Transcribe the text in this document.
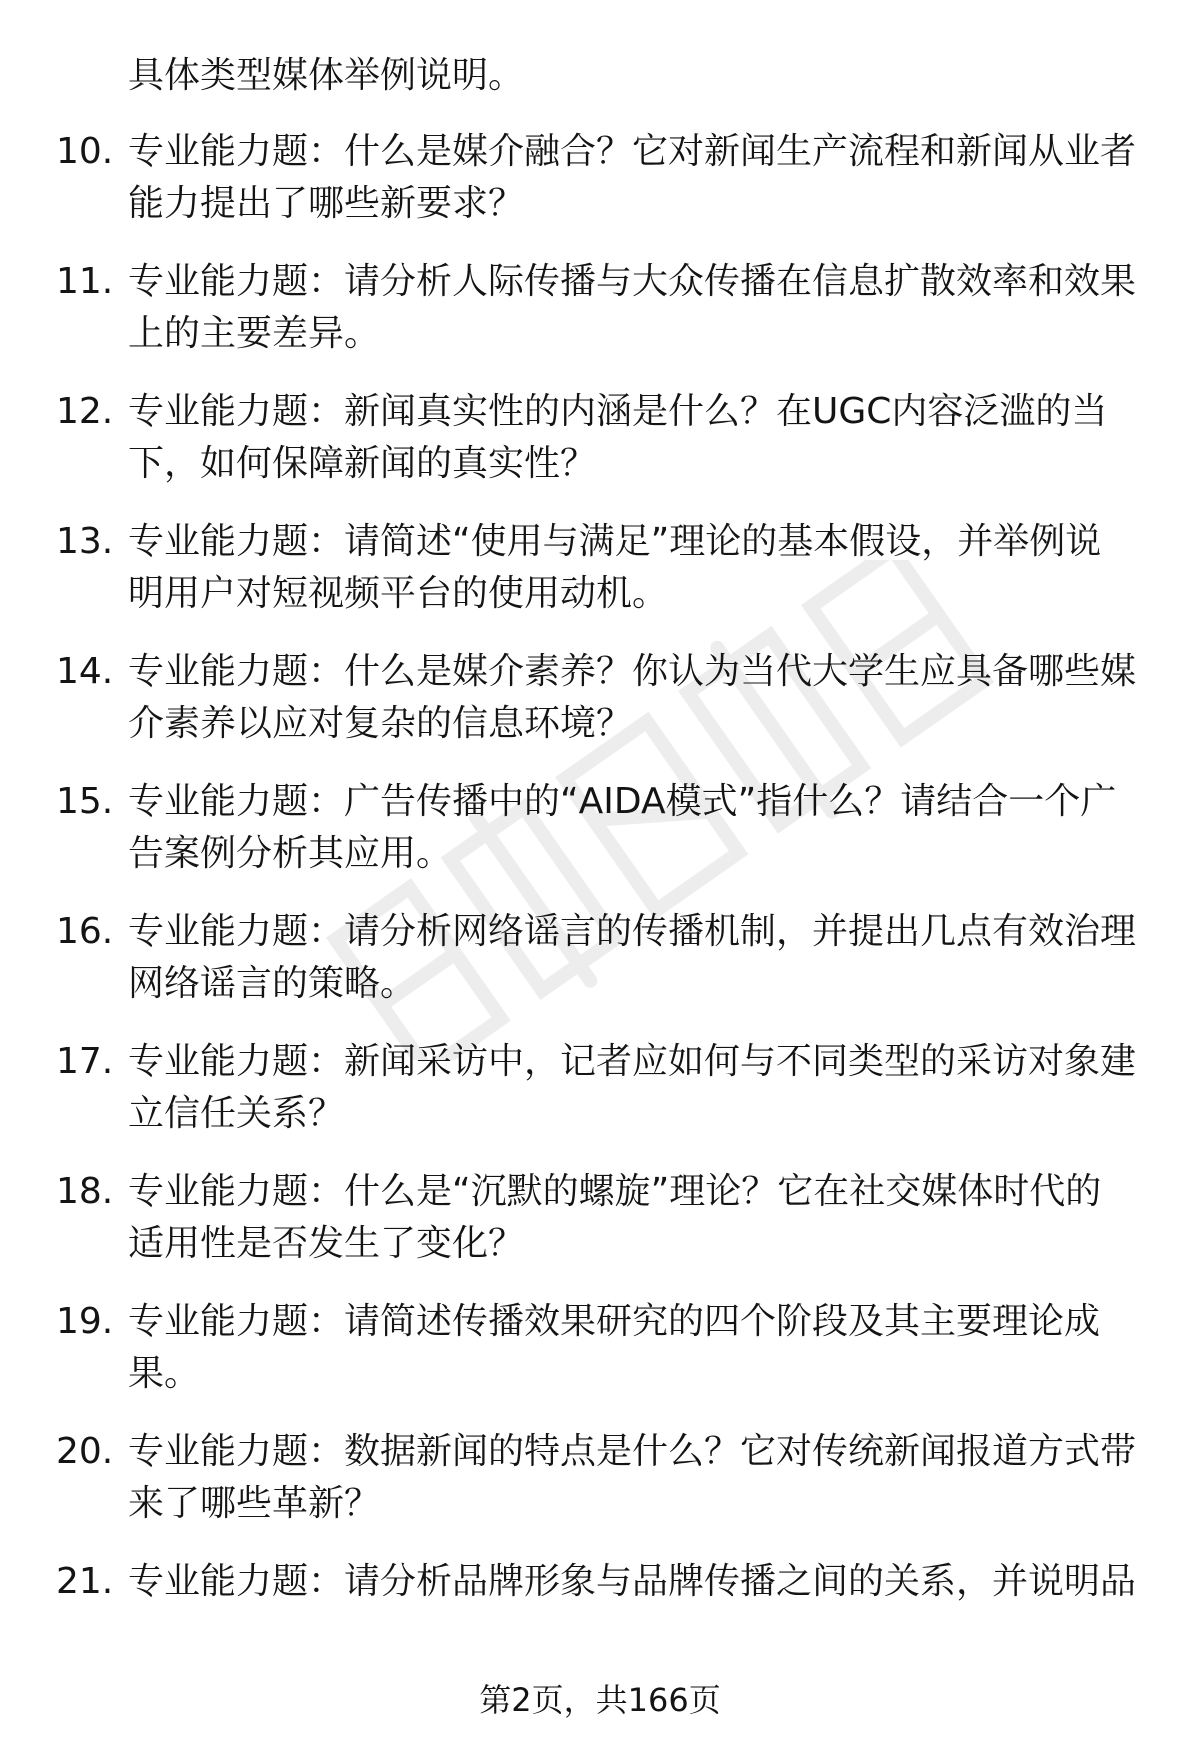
具体类型媒体举例说明。
10. 专业能力题：什么是媒介融合？它对新闻生产流程和新闻从业者
能力提出了哪些新要求？
11. 专业能力题：请分析人际传播与大众传播在信息扩散效率和效果
上的主要差异。
12. 专业能力题：新闻真实性的内涵是什么？在UGC内容泛滥的当
下，如何保障新闻的真实性？
13. 专业能力题：请简述“使用与满足”理论的基本假设，并举例说
明用户对短视频平台的使用动机。
14. 专业能力题：什么是媒介素养？你认为当代大学生应具备哪些媒
介素养以应对复杂的信息环境？
15. 专业能力题：广告传播中的“AIDA模式”指什么？请结合一个广
告案例分析其应用。
16. 专业能力题：请分析网络谣言的传播机制，并提出几点有效治理
网络谣言的策略。
17. 专业能力题：新闻采访中，记者应如何与不同类型的采访对象建
立信任关系？
18. 专业能力题：什么是“沉默的螺旋”理论？它在社交媒体时代的
适用性是否发生了变化？
19. 专业能力题：请简述传播效果研究的四个阶段及其主要理论成
果。
20. 专业能力题：数据新闻的特点是什么？它对传统新闻报道方式带
来了哪些革新？
21. 专业能力题：请分析品牌形象与品牌传播之间的关系，并说明品
第2页，共166页
